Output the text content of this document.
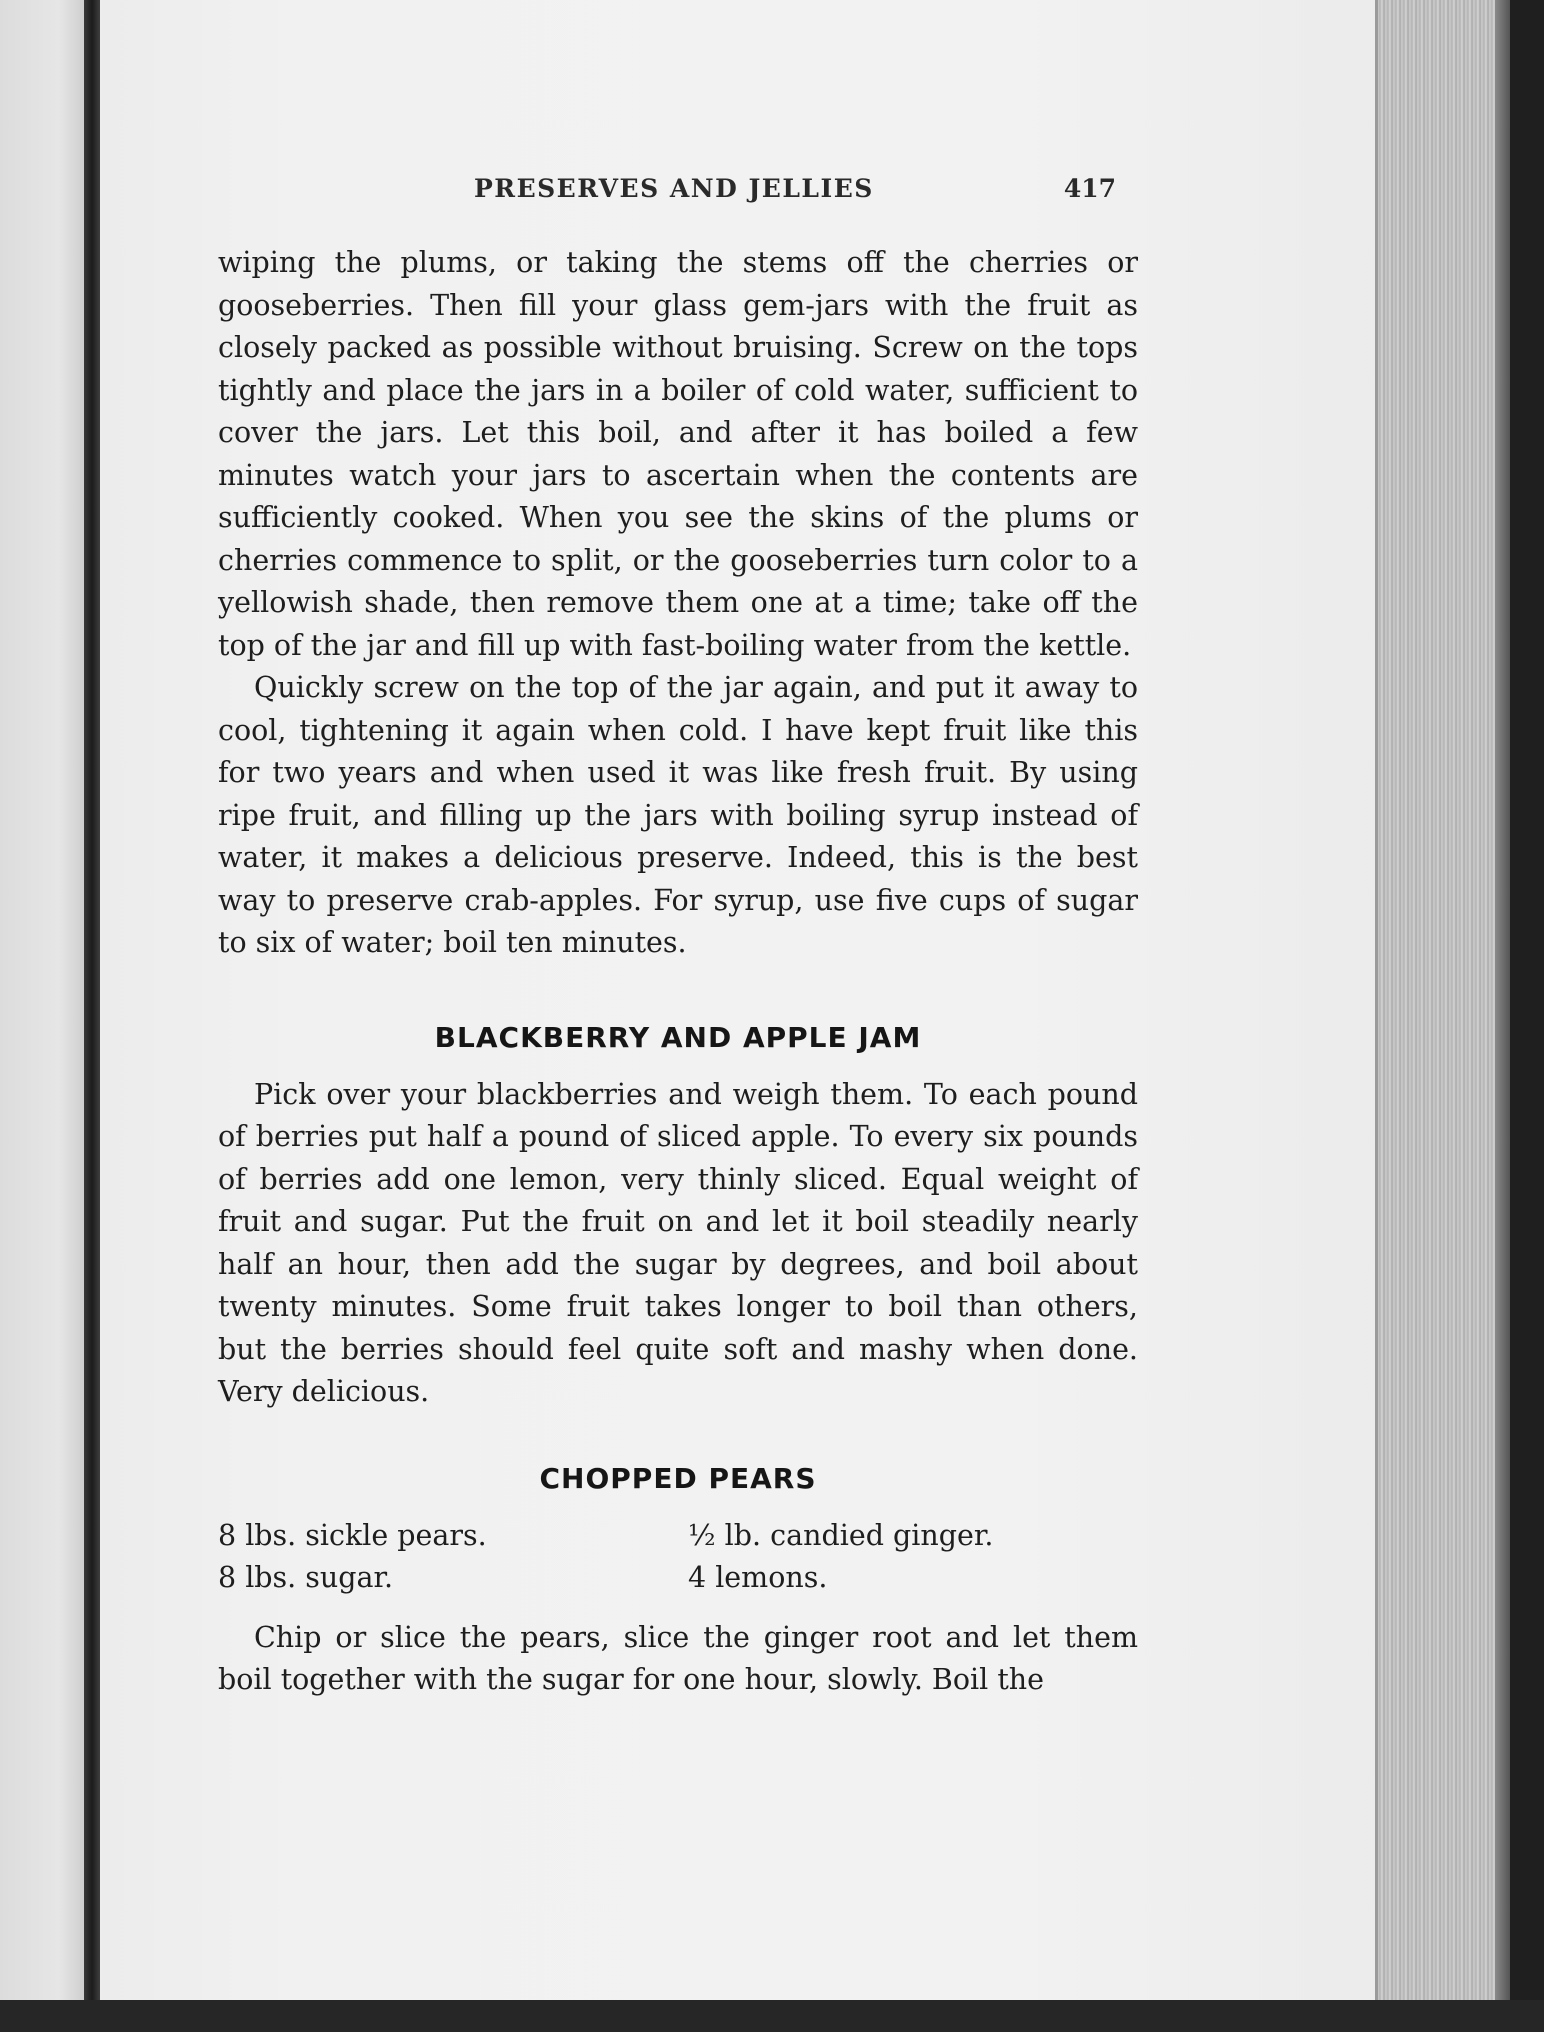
PRESERVES AND JELLIES	417

wiping the plums, or taking the stems off the cherries or gooseberries. Then fill your glass gem-jars with the fruit as closely packed as possible without bruising. Screw on the tops tightly and place the jars in a boiler of cold water, sufficient to cover the jars. Let this boil, and after it has boiled a few minutes watch your jars to ascertain when the contents are sufficiently cooked. When you see the skins of the plums or cherries commence to split, or the gooseberries turn color to a yellowish shade, then remove them one at a time; take off the top of the jar and fill up with fast-boiling water from the kettle.

Quickly screw on the top of the jar again, and put it away to cool, tightening it again when cold. I have kept fruit like this for two years and when used it was like fresh fruit. By using ripe fruit, and filling up the jars with boiling syrup instead of water, it makes a delicious preserve. Indeed, this is the best way to preserve crab-apples. For syrup, use five cups of sugar to six of water; boil ten minutes.

BLACKBERRY AND APPLE JAM

Pick over your blackberries and weigh them. To each pound of berries put half a pound of sliced apple. To every six pounds of berries add one lemon, very thinly sliced. Equal weight of fruit and sugar. Put the fruit on and let it boil steadily nearly half an hour, then add the sugar by degrees, and boil about twenty minutes. Some fruit takes longer to boil than others, but the berries should feel quite soft and mashy when done. Very delicious.

CHOPPED PEARS
8 lbs. sickle pears.	½ lb. candied ginger.
8 lbs. sugar.	4 lemons.

Chip or slice the pears, slice the ginger root and let them boil together with the sugar for one hour, slowly. Boil the
